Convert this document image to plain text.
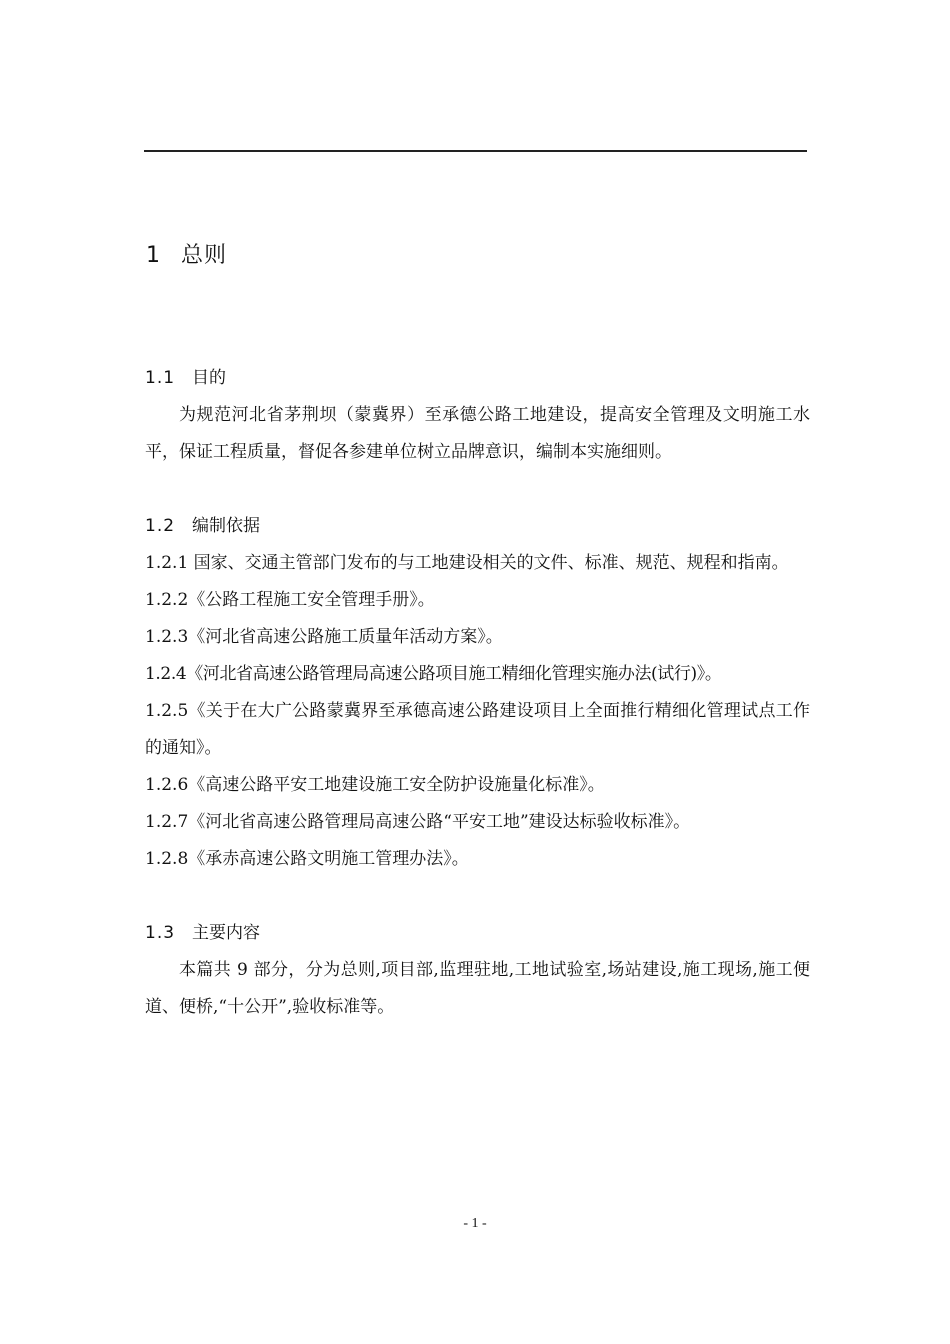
1 总则
1.1 目的
为规范河北省茅荆坝（蒙冀界）至承德公路工地建设，提高安全管理及文明施工水平，保证工程质量，督促各参建单位树立品牌意识，编制本实施细则。
1.2 编制依据
1.2.1 国家、交通主管部门发布的与工地建设相关的文件、标准、规范、规程和指南。
1.2.2《公路工程施工安全管理手册》。
1.2.3《河北省高速公路施工质量年活动方案》。
1.2.4《河北省高速公路管理局高速公路项目施工精细化管理实施办法(试行)》。
1.2.5《关于在大广公路蒙冀界至承德高速公路建设项目上全面推行精细化管理试点工作的通知》。
1.2.6《高速公路平安工地建设施工安全防护设施量化标准》。
1.2.7《河北省高速公路管理局高速公路“平安工地”建设达标验收标准》。
1.2.8《承赤高速公路文明施工管理办法》。
1.3 主要内容
本篇共 9 部分，分为总则,项目部,监理驻地,工地试验室,场站建设,施工现场,施工便道、便桥,“十公开”,验收标准等。
- 1 -
